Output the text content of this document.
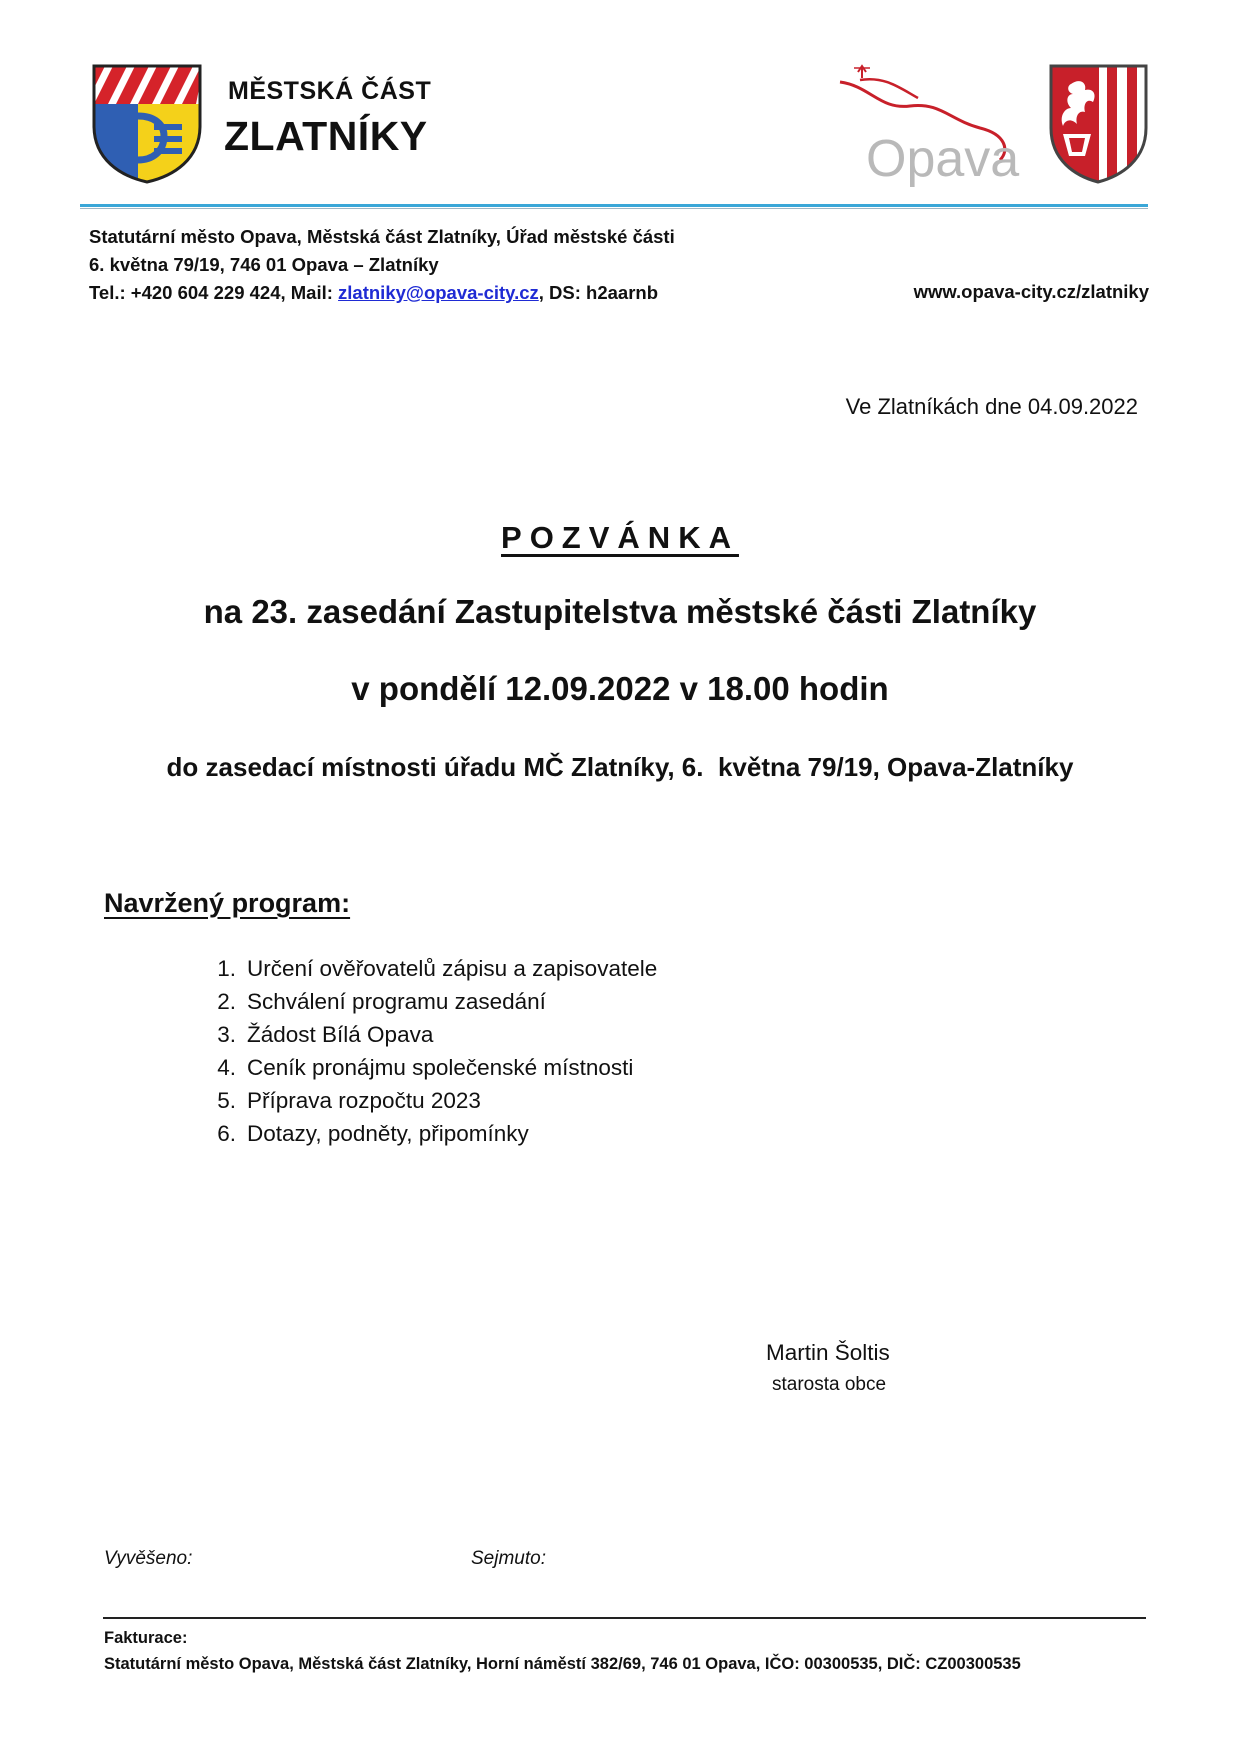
MĚSTSKÁ ČÁST
ZLATNÍKY	Opava
Statutární město Opava, Městská část Zlatníky, Úřad městské části
6. května 79/19, 746 01 Opava – Zlatníky
Tel.: +420 604 229 424, Mail: zlatniky@opava-city.cz, DS: h2aarnb	www.opava-city.cz/zlatniky
Ve Zlatníkách dne 04.09.2022
POZVÁNKA
na 23. zasedání Zastupitelstva městské části Zlatníky
v pondělí 12.09.2022 v 18.00 hodin
do zasedací místnosti úřadu MČ Zlatníky, 6.  května 79/19, Opava-Zlatníky
Navržený program:
1. Určení ověřovatelů zápisu a zapisovatele
2. Schválení programu zasedání
3. Žádost Bílá Opava
4. Ceník pronájmu společenské místnosti
5. Příprava rozpočtu 2023
6. Dotazy, podněty, připomínky
Martin Šoltis
starosta obce
Vyvěšeno:	Sejmuto:
Fakturace:
Statutární město Opava, Městská část Zlatníky, Horní náměstí 382/69, 746 01 Opava, IČO: 00300535, DIČ: CZ00300535
